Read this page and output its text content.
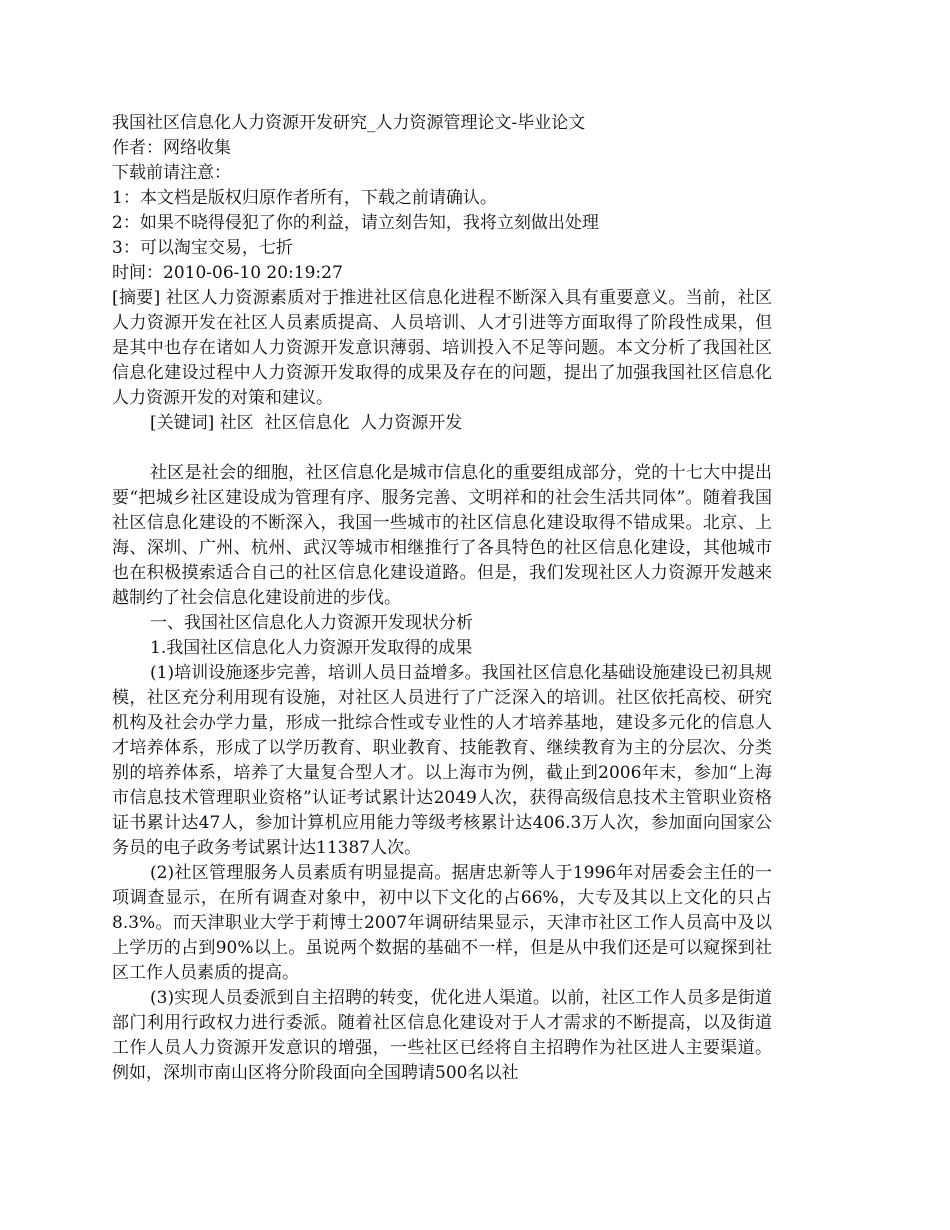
我国社区信息化人力资源开发研究_人力资源管理论文-毕业论文

作者：网络收集

下载前请注意：

1：本文档是版权归原作者所有，下载之前请确认。

2：如果不晓得侵犯了你的利益，请立刻告知，我将立刻做出处理

3：可以淘宝交易，七折

时间：2010-06-10 20:19:27

[摘要] 社区人力资源素质对于推进社区信息化进程不断深入具有重要意义。当前，社区人力资源开发在社区人员素质提高、人员培训、人才引进等方面取得了阶段性成果，但是其中也存在诸如人力资源开发意识薄弱、培训投入不足等问题。本文分析了我国社区信息化建设过程中人力资源开发取得的成果及存在的问题，提出了加强我国社区信息化人力资源开发的对策和建议。

[关键词] 社区  社区信息化  人力资源开发

社区是社会的细胞，社区信息化是城市信息化的重要组成部分，党的十七大中提出要“把城乡社区建设成为管理有序、服务完善、文明祥和的社会生活共同体”。随着我国社区信息化建设的不断深入，我国一些城市的社区信息化建设取得不错成果。北京、上海、深圳、广州、杭州、武汉等城市相继推行了各具特色的社区信息化建设，其他城市也在积极摸索适合自己的社区信息化建设道路。但是，我们发现社区人力资源开发越来越制约了社会信息化建设前进的步伐。

一、我国社区信息化人力资源开发现状分析

1.我国社区信息化人力资源开发取得的成果

(1)培训设施逐步完善，培训人员日益增多。我国社区信息化基础设施建设已初具规模，社区充分利用现有设施，对社区人员进行了广泛深入的培训。社区依托高校、研究机构及社会办学力量，形成一批综合性或专业性的人才培养基地，建设多元化的信息人才培养体系，形成了以学历教育、职业教育、技能教育、继续教育为主的分层次、分类别的培养体系，培养了大量复合型人才。以上海市为例，截止到2006年末，参加“上海市信息技术管理职业资格”认证考试累计达2049人次，获得高级信息技术主管职业资格证书累计达47人，参加计算机应用能力等级考核累计达406.3万人次，参加面向国家公务员的电子政务考试累计达11387人次。

(2)社区管理服务人员素质有明显提高。据唐忠新等人于1996年对居委会主任的一项调查显示，在所有调查对象中，初中以下文化的占66%，大专及其以上文化的只占8.3%。而天津职业大学于莉博士2007年调研结果显示，天津市社区工作人员高中及以上学历的占到90%以上。虽说两个数据的基础不一样，但是从中我们还是可以窥探到社区工作人员素质的提高。

(3)实现人员委派到自主招聘的转变，优化进人渠道。以前，社区工作人员多是街道部门利用行政权力进行委派。随着社区信息化建设对于人才需求的不断提高，以及街道工作人员人力资源开发意识的增强，一些社区已经将自主招聘作为社区进人主要渠道。例如，深圳市南山区将分阶段面向全国聘请500名以社
